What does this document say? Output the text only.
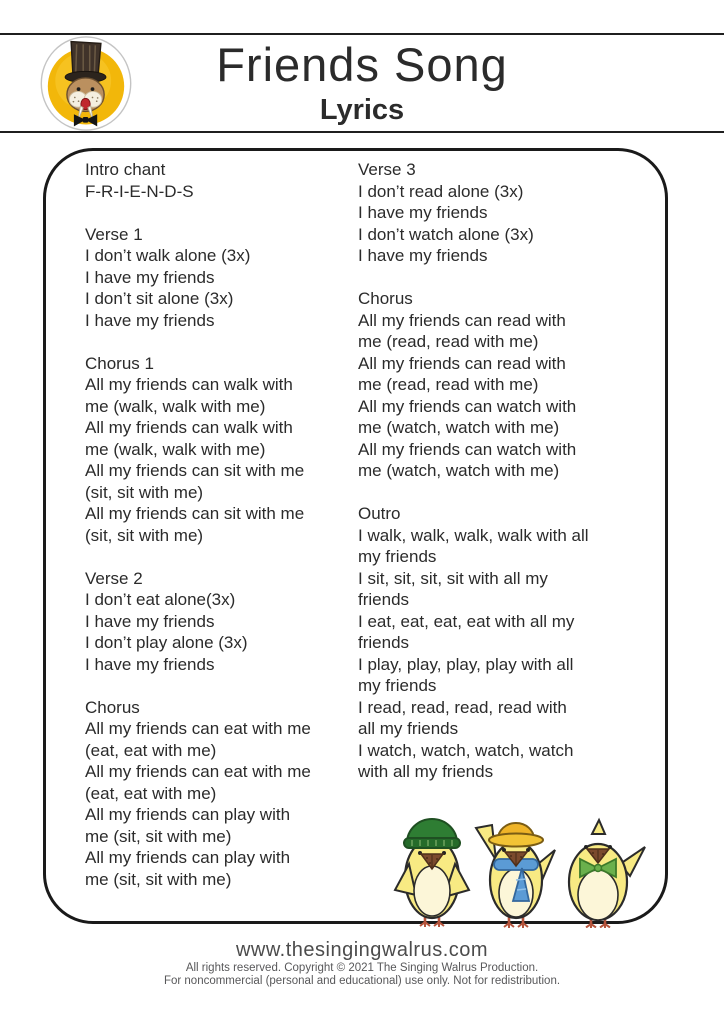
Friends Song
Lyrics
Intro chant
F-R-I-E-N-D-S
Verse 1
I don’t walk alone (3x)
I have my friends
I don’t sit alone (3x)
I have my friends
Chorus 1
All my friends can walk with
me (walk, walk with me)
All my friends can walk with
me (walk, walk with me)
All my friends can sit with me
(sit, sit with me)
All my friends can sit with me
(sit, sit with me)
Verse 2
I don’t eat alone(3x)
I have my friends
I don’t play alone (3x)
I have my friends
Chorus
All my friends can eat with me
(eat, eat with me)
All my friends can eat with me
(eat, eat with me)
All my friends can play with
me (sit, sit with me)
All my friends can play with
me (sit, sit with me)
Verse 3
I don’t read alone (3x)
I have my friends
I don’t watch alone (3x)
I have my friends
Chorus
All my friends can read with
me (read, read with me)
All my friends can read with
me (read, read with me)
All my friends can watch with
me (watch, watch with me)
All my friends can watch with
me (watch, watch with me)
Outro
I walk, walk, walk, walk with all
my friends
I sit, sit, sit, sit with all my
friends
I eat, eat, eat, eat with all my
friends
I play, play, play, play with all
my friends
I read, read, read, read with
all my friends
I watch, watch, watch, watch
with all my friends
www.thesingingwalrus.com
All rights reserved. Copyright © 2021 The Singing Walrus Production.
For noncommercial (personal and educational) use only. Not for redistribution.
